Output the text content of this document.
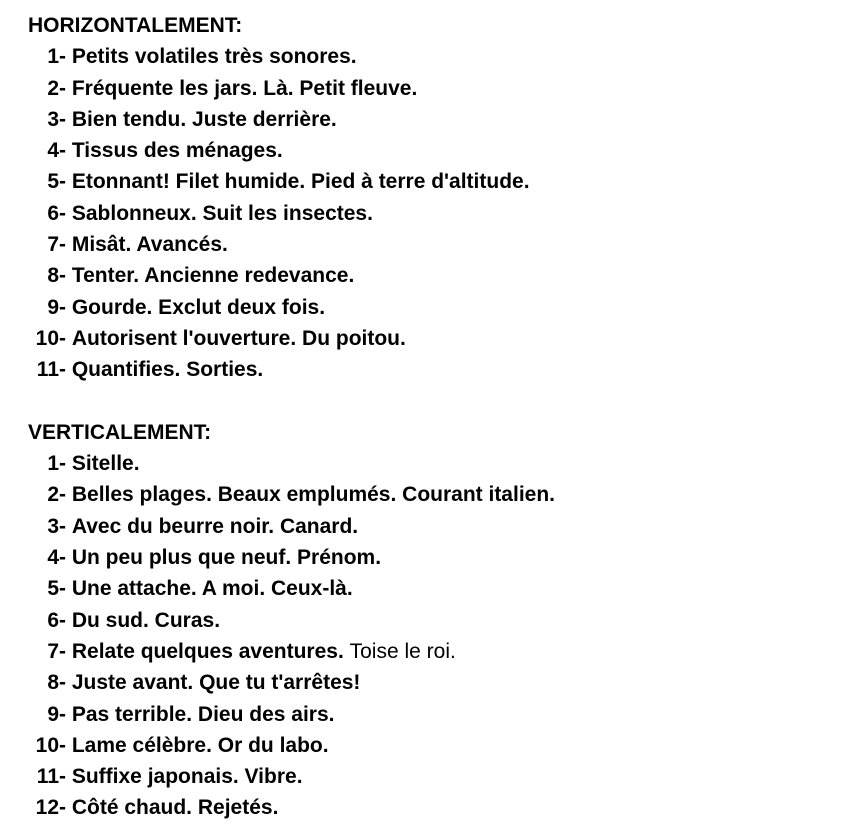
HORIZONTALEMENT:
1-
Petits volatiles très sonores.
2-
Fréquente les jars. Là. Petit fleuve.
3-
Bien tendu. Juste derrière.
4-
Tissus des ménages.
5-
Etonnant! Filet humide. Pied à terre d'altitude.
6-
Sablonneux. Suit les insectes.
7-
Misât. Avancés.
8-
Tenter. Ancienne redevance.
9-
Gourde. Exclut deux fois.
10-
Autorisent l'ouverture. Du poitou.
11-
Quantifies. Sorties.
VERTICALEMENT:
1-
Sitelle.
2-
Belles plages. Beaux emplumés. Courant italien.
3-
Avec du beurre noir. Canard.
4-
Un peu plus que neuf. Prénom.
5-
Une attache. A moi. Ceux-là.
6-
Du sud. Curas.
7-
Relate quelques aventures.
Toise le roi.
8-
Juste avant. Que tu t'arrêtes!
9-
Pas terrible. Dieu des airs.
10-
Lame célèbre. Or du labo.
11-
Suffixe japonais. Vibre.
12-
Côté chaud. Rejetés.
